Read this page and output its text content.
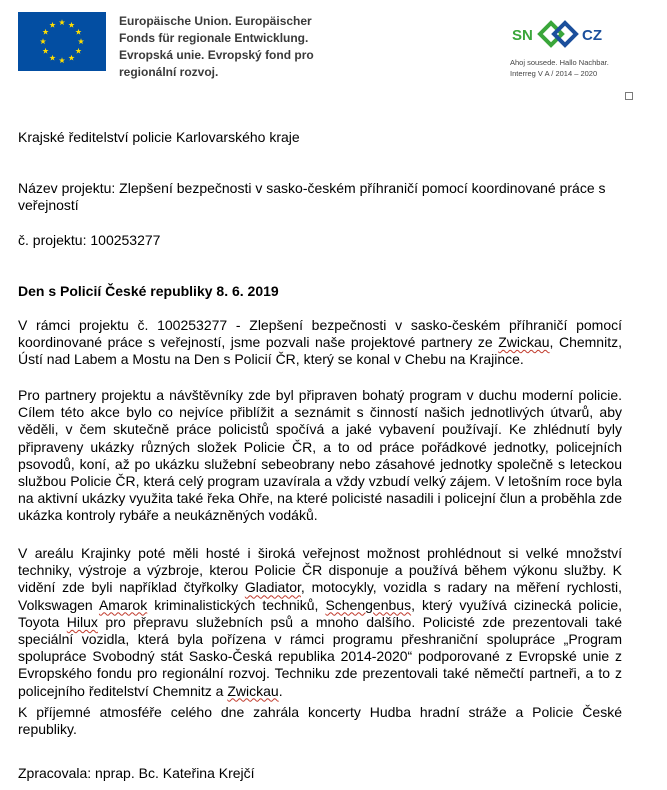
Europäische Union. Europäischer
Fonds für regionale Entwicklung.
Evropská unie. Evropský fond pro
regionální rozvoj.
SN	CZ
Ahoj sousede. Hallo Nachbar.
Interreg V A / 2014 – 2020

Krajské ředitelství policie Karlovarského kraje

Název projektu: Zlepšení bezpečnosti v sasko-českém příhraničí pomocí koordinované práce s veřejností

č. projektu: 100253277

Den s Policií České republiky 8. 6. 2019

V rámci projektu č. 100253277 - Zlepšení bezpečnosti v sasko-českém příhraničí pomocí koordinované práce s veřejností, jsme pozvali naše projektové partnery ze Zwickau, Chemnitz, Ústí nad Labem a Mostu na Den s Policií ČR, který se konal v Chebu na Krajince.

Pro partnery projektu a návštěvníky zde byl připraven bohatý program v duchu moderní policie. Cílem této akce bylo co nejvíce přiblížit a seznámit s činností našich jednotlivých útvarů, aby věděli, v čem skutečně práce policistů spočívá a jaké vybavení používají. Ke zhlédnutí byly připraveny ukázky různých složek Policie ČR, a to od práce pořádkové jednotky, policejních psovodů, koní, až po ukázku služební sebeobrany nebo zásahové jednotky společně s leteckou službou Policie ČR, která celý program uzavírala a vždy vzbudí velký zájem. V letošním roce byla na aktivní ukázky využita také řeka Ohře, na které policisté nasadili i policejní člun a proběhla zde ukázka kontroly rybáře a neukázněných vodáků.

V areálu Krajinky poté měli hosté i široká veřejnost možnost prohlédnout si velké množství techniky, výstroje a výzbroje, kterou Policie ČR disponuje a používá během výkonu služby. K vidění zde byli například čtyřkolky Gladiator, motocykly, vozidla s radary na měření rychlosti, Volkswagen Amarok kriminalistických techniků, Schengenbus, který využívá cizinecká policie, Toyota Hilux pro přepravu služebních psů a mnoho dalšího. Policisté zde prezentovali také speciální vozidla, která byla pořízena v rámci programu přeshraniční spolupráce „Program spolupráce Svobodný stát Sasko-Česká republika 2014-2020“ podporované z Evropské unie z Evropského fondu pro regionální rozvoj. Techniku zde prezentovali také němečtí partneři, a to z policejního ředitelství Chemnitz a Zwickau.

K příjemné atmosféře celého dne zahrála koncerty Hudba hradní stráže a Policie České republiky.

Zpracovala: nprap. Bc. Kateřina Krejčí
